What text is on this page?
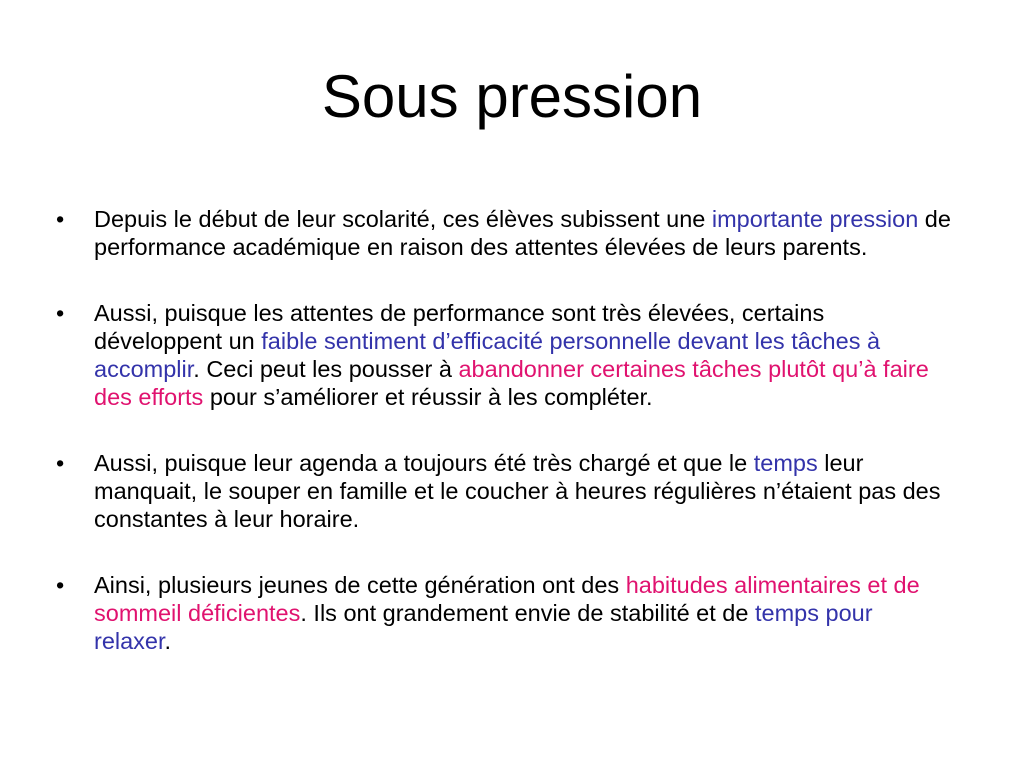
Sous pression
• Depuis le début de leur scolarité, ces élèves subissent une importante pression de performance académique en raison des attentes élevées de leurs parents.
• Aussi, puisque les attentes de performance sont très élevées, certains développent un faible sentiment d’efficacité personnelle devant les tâches à accomplir. Ceci peut les pousser à abandonner certaines tâches plutôt qu’à faire des efforts pour s’améliorer et réussir à les compléter.
• Aussi, puisque leur agenda a toujours été très chargé et que le temps leur manquait, le souper en famille et le coucher à heures régulières n’étaient pas des constantes à leur horaire.
• Ainsi, plusieurs jeunes de cette génération ont des habitudes alimentaires et de sommeil déficientes. Ils ont grandement envie de stabilité et de temps pour relaxer.
